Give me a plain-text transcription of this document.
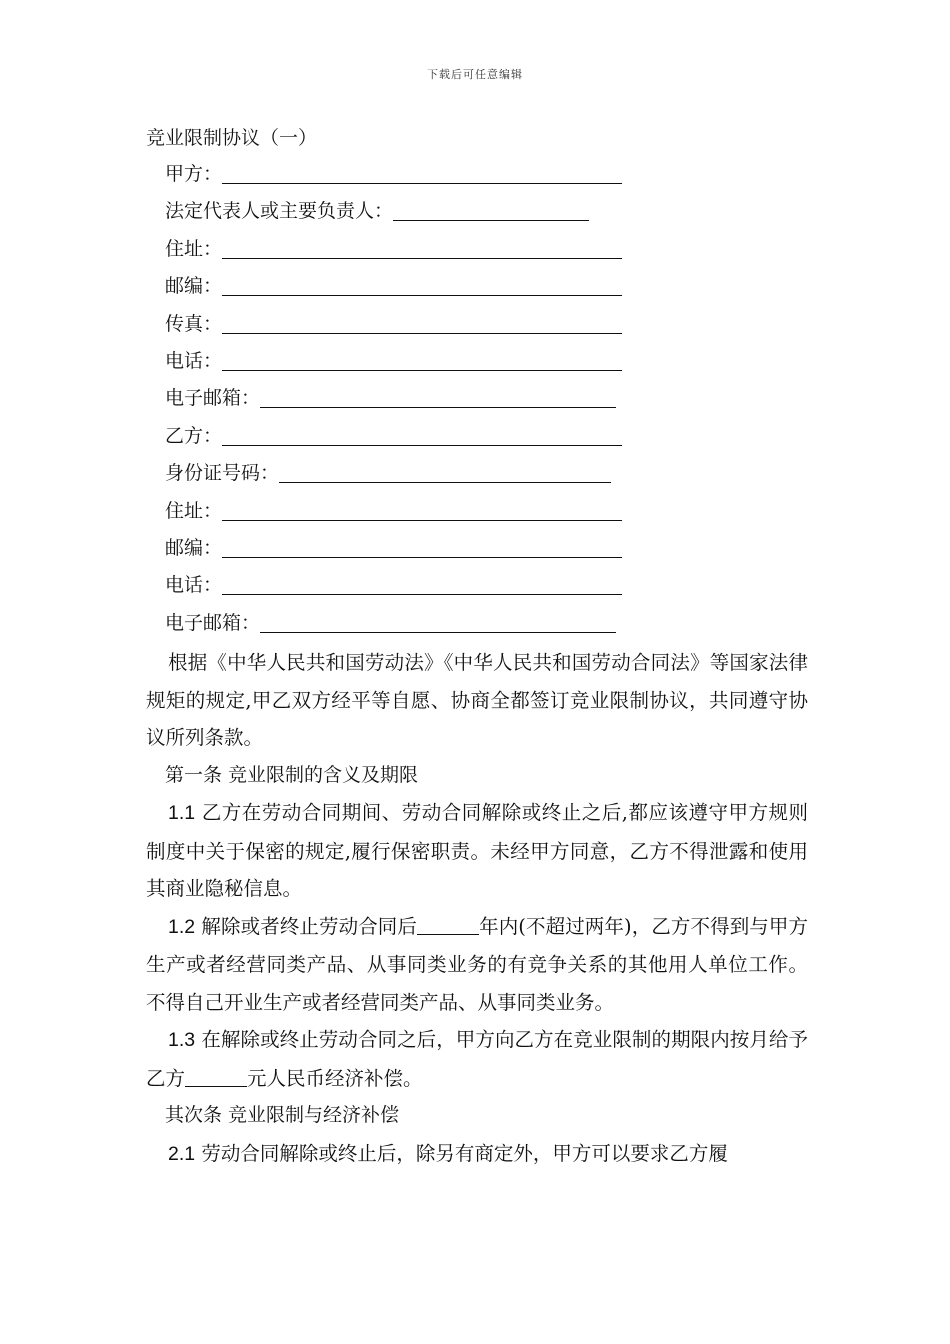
下载后可任意编辑
竞业限制协议（一）
甲方：
法定代表人或主要负责人：
住址：
邮编：
传真：
电话：
电子邮箱：
乙方：
身份证号码：
住址：
邮编：
电话：
电子邮箱：

根据《中华人民共和国劳动法》《中华人民共和国劳动合同法》等国家法律规矩的规定,甲乙双方经平等自愿、协商全都签订竞业限制协议，共同遵守协议所列条款。

第一条 竞业限制的含义及期限

1.1 乙方在劳动合同期间、劳动合同解除或终止之后,都应该遵守甲方规则制度中关于保密的规定,履行保密职责。未经甲方同意，乙方不得泄露和使用其商业隐秘信息。

1.2 解除或者终止劳动合同后	年内(不超过两年)，乙方不得到与甲方生产或者经营同类产品、从事同类业务的有竞争关系的其他用人单位工作。不得自己开业生产或者经营同类产品、从事同类业务。

1.3 在解除或终止劳动合同之后，甲方向乙方在竞业限制的期限内按月给予乙方	元人民币经济补偿。

其次条 竞业限制与经济补偿

2.1 劳动合同解除或终止后，除另有商定外，甲方可以要求乙方履
